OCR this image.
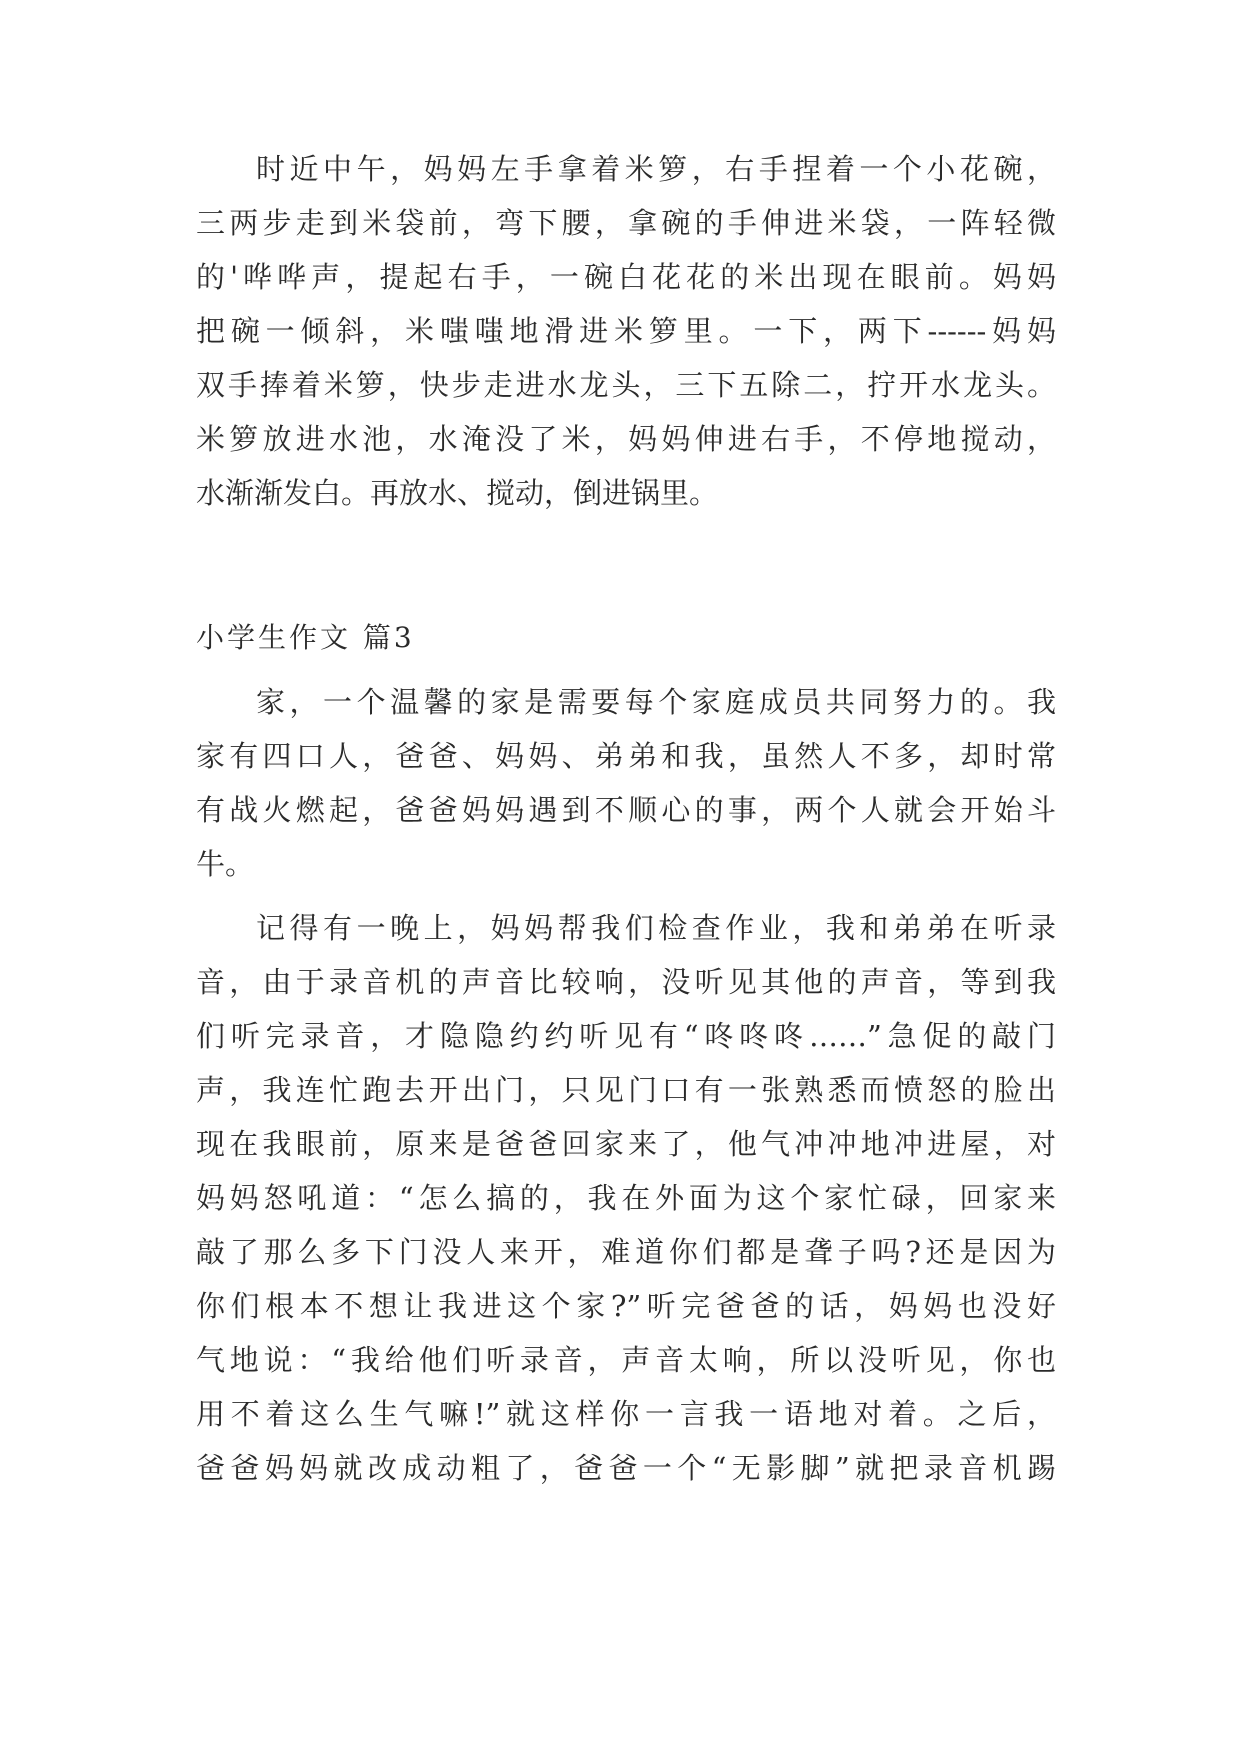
时近中午，妈妈左手拿着米箩，右手捏着一个小花碗，
三两步走到米袋前，弯下腰，拿碗的手伸进米袋，一阵轻微
的'哗哗声，提起右手，一碗白花花的米出现在眼前。妈妈
把碗一倾斜，米嗤嗤地滑进米箩里。一下，两下------妈妈
双手捧着米箩，快步走进水龙头，三下五除二，拧开水龙头。
米箩放进水池，水淹没了米，妈妈伸进右手，不停地搅动，
水渐渐发白。再放水、搅动，倒进锅里。
小学生作文 篇3
家，一个温馨的家是需要每个家庭成员共同努力的。我
家有四口人，爸爸、妈妈、弟弟和我，虽然人不多，却时常
有战火燃起，爸爸妈妈遇到不顺心的事，两个人就会开始斗
牛。
记得有一晚上，妈妈帮我们检查作业，我和弟弟在听录
音，由于录音机的声音比较响，没听见其他的声音，等到我
们听完录音，才隐隐约约听见有“咚咚咚……”急促的敲门
声，我连忙跑去开出门，只见门口有一张熟悉而愤怒的脸出
现在我眼前，原来是爸爸回家来了，他气冲冲地冲进屋，对
妈妈怒吼道：“怎么搞的，我在外面为这个家忙碌，回家来
敲了那么多下门没人来开，难道你们都是聋子吗?还是因为
你们根本不想让我进这个家?”听完爸爸的话，妈妈也没好
气地说：“我给他们听录音，声音太响，所以没听见，你也
用不着这么生气嘛!”就这样你一言我一语地对着。之后，
爸爸妈妈就改成动粗了，爸爸一个“无影脚”就把录音机踢
